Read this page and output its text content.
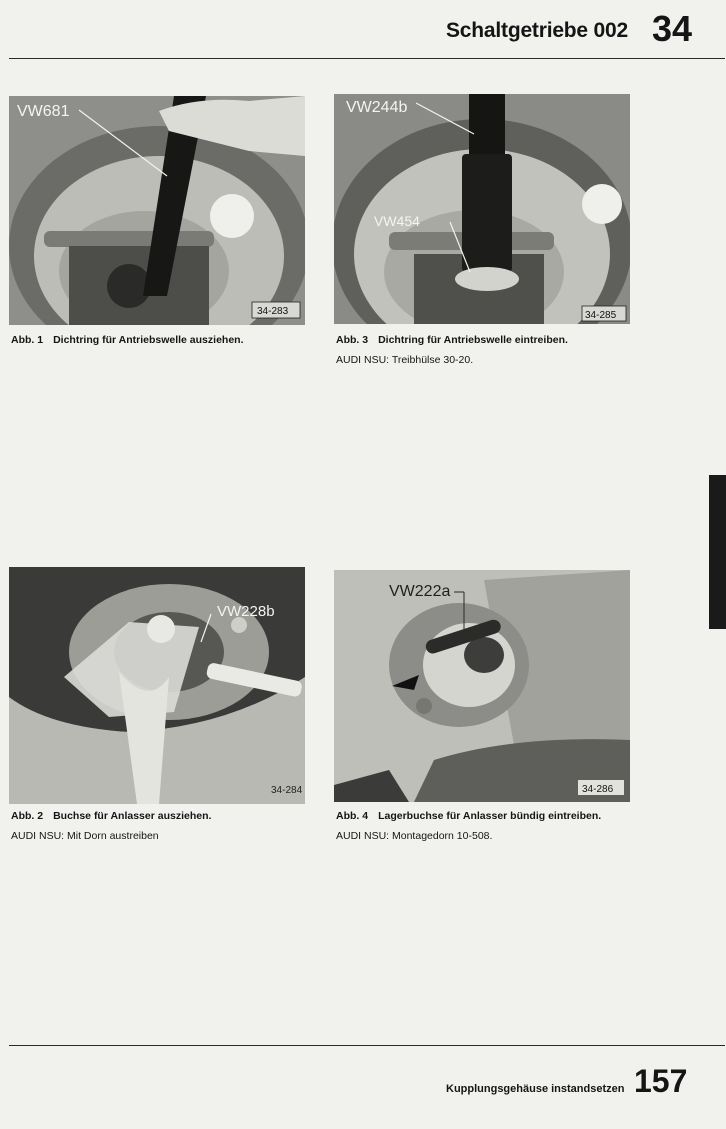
Schaltgetriebe 002 34
VW681
34-283
Abb. 1 Dichtring für Antriebswelle ausziehen.
VW244b
VW454
34-285
Abb. 3 Dichtring für Antriebswelle eintreiben.
AUDI NSU: Treibhülse 30-20.
VW228b
34-284
Abb. 2 Buchse für Anlasser ausziehen.
AUDI NSU: Mit Dorn austreiben
VW222a
34-286
Abb. 4 Lagerbuchse für Anlasser bündig eintreiben.
AUDI NSU: Montagedorn 10-508.
Kupplungsgehäuse instandsetzen 157
